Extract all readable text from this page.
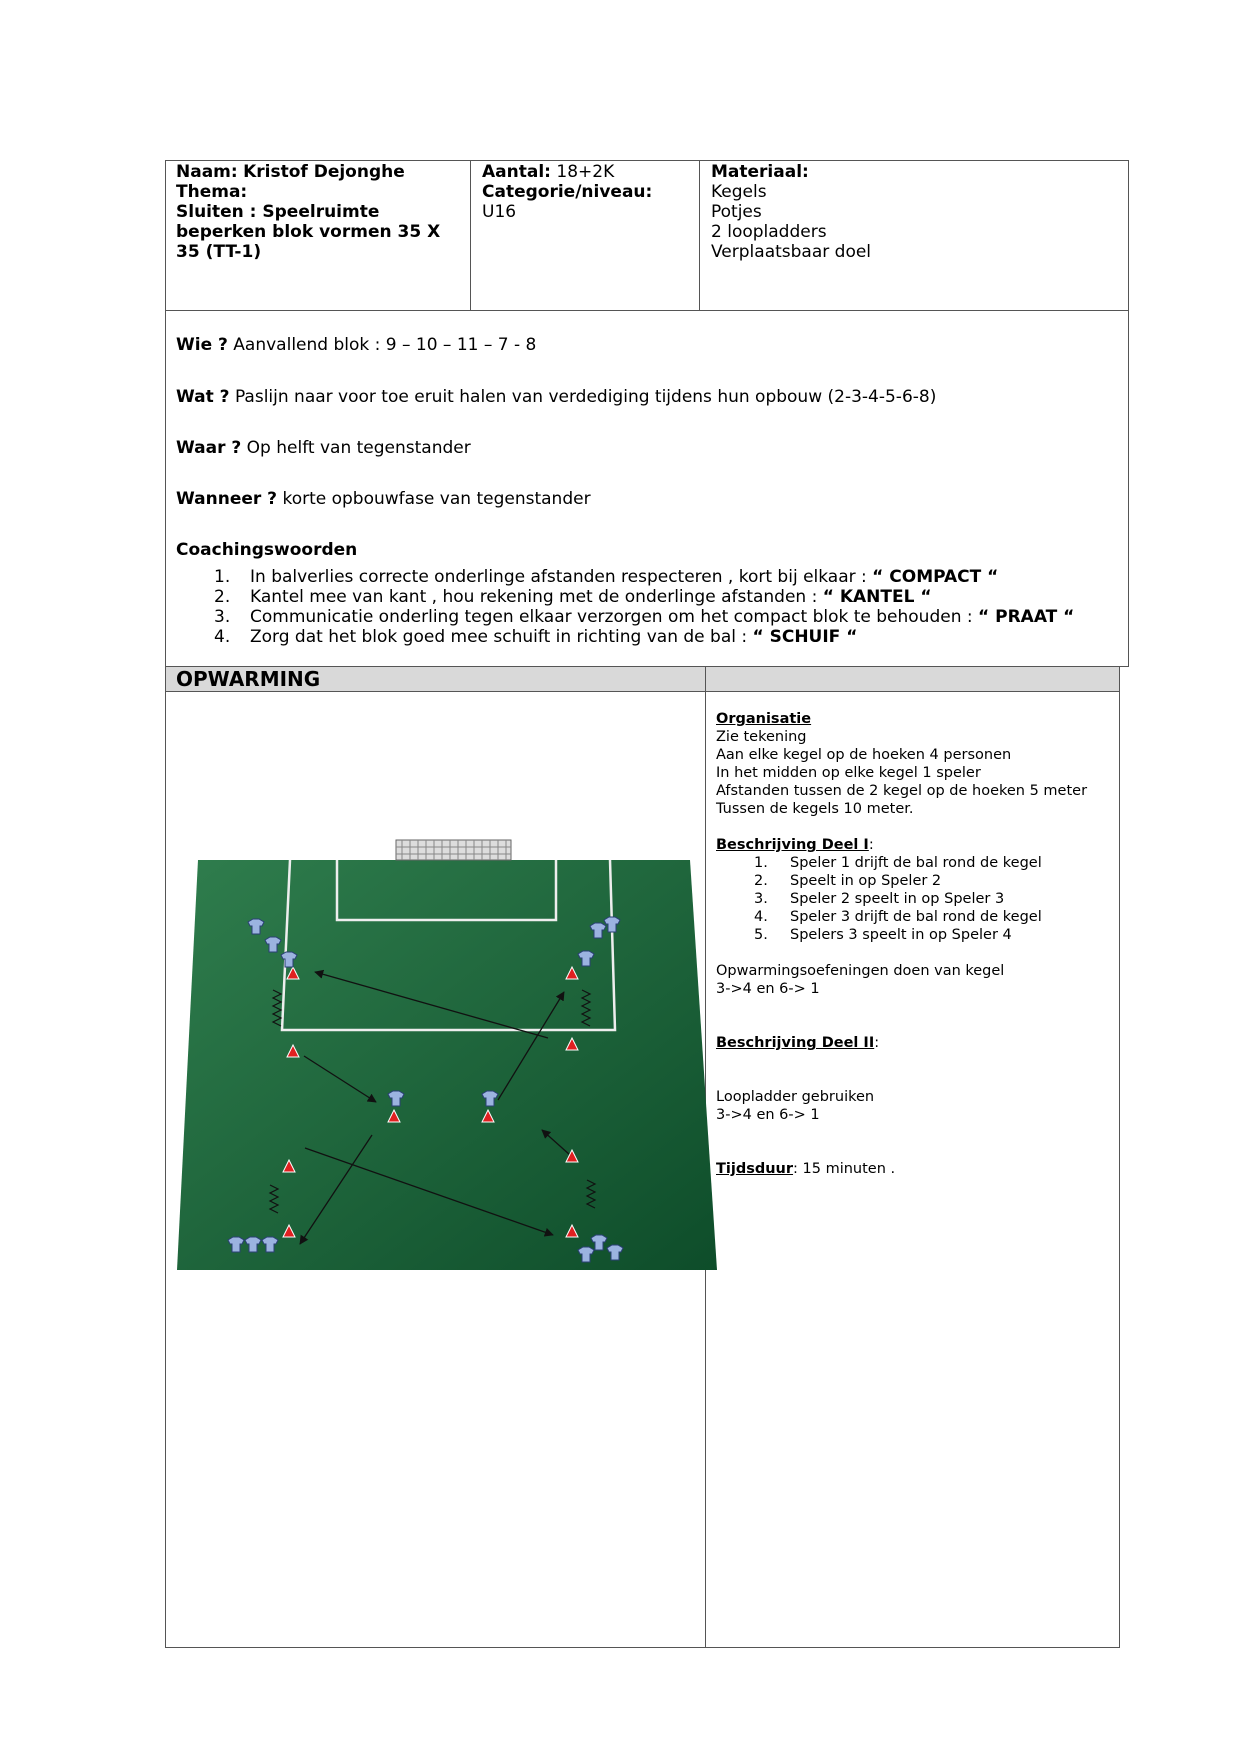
Naam: Kristof Dejonghe
Thema:
Sluiten : Speelruimte
beperken blok vormen 35 X
35 (TT-1)
Aantal: 18+2K
Categorie/niveau:
U16
Materiaal:
Kegels
Potjes
2 loopladders
Verplaatsbaar doel
Wie ? Aanvallend blok : 9 – 10 – 11 – 7 - 8
Wat ? Paslijn naar voor toe eruit halen van verdediging tijdens hun opbouw (2-3-4-5-6-8)
Waar ? Op helft van tegenstander
Wanneer ? korte opbouwfase van tegenstander
Coachingswoorden
1. In balverlies correcte onderlinge afstanden respecteren , kort bij elkaar : “ COMPACT “
2. Kantel mee van kant , hou rekening met de onderlinge afstanden : “ KANTEL “
3. Communicatie onderling tegen elkaar verzorgen om het compact blok te behouden : “ PRAAT “
4. Zorg dat het blok goed mee schuift in richting van de bal : “ SCHUIF “
OPWARMING
Organisatie
Zie tekening
Aan elke kegel op de hoeken 4 personen
In het midden op elke kegel 1 speler
Afstanden tussen de 2 kegel op de hoeken 5 meter
Tussen de kegels 10 meter.
Beschrijving Deel I:
1. Speler 1 drijft de bal rond de kegel
2. Speelt in op Speler 2
3. Speler 2 speelt in op Speler 3
4. Speler 3 drijft de bal rond de kegel
5. Spelers 3 speelt in op Speler 4
Opwarmingsoefeningen doen van kegel
3->4 en 6-> 1
Beschrijving Deel II:
Loopladder gebruiken
3->4 en 6-> 1
Tijdsduur: 15 minuten .
